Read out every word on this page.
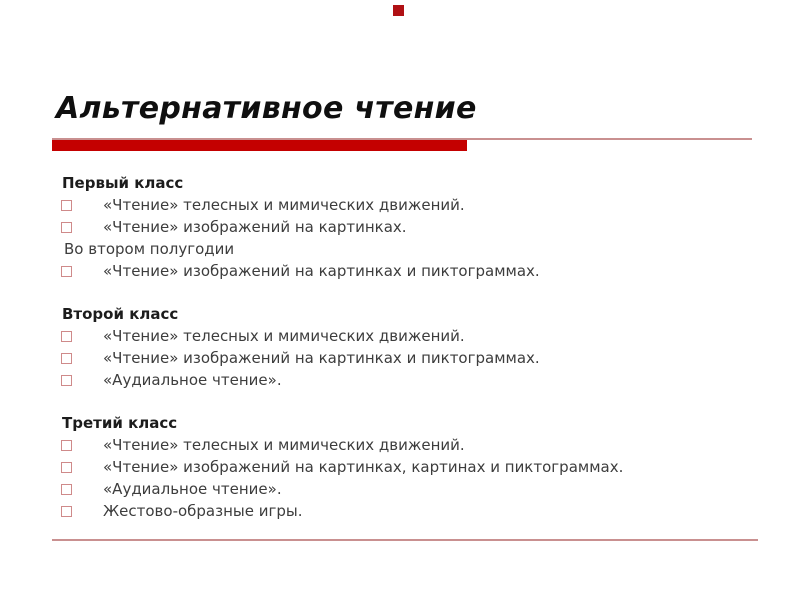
Альтернативное чтение
Первый класс
«Чтение» телесных и мимических движений.
«Чтение» изображений на картинках.
Во втором полугодии
«Чтение» изображений на картинках и пиктограммах.
Второй класс
«Чтение» телесных и мимических движений.
«Чтение» изображений на картинках и пиктограммах.
«Аудиальное чтение».
Третий класс
«Чтение» телесных и мимических движений.
«Чтение» изображений на картинках, картинах и пиктограммах.
«Аудиальное чтение».
Жестово-образные игры.
